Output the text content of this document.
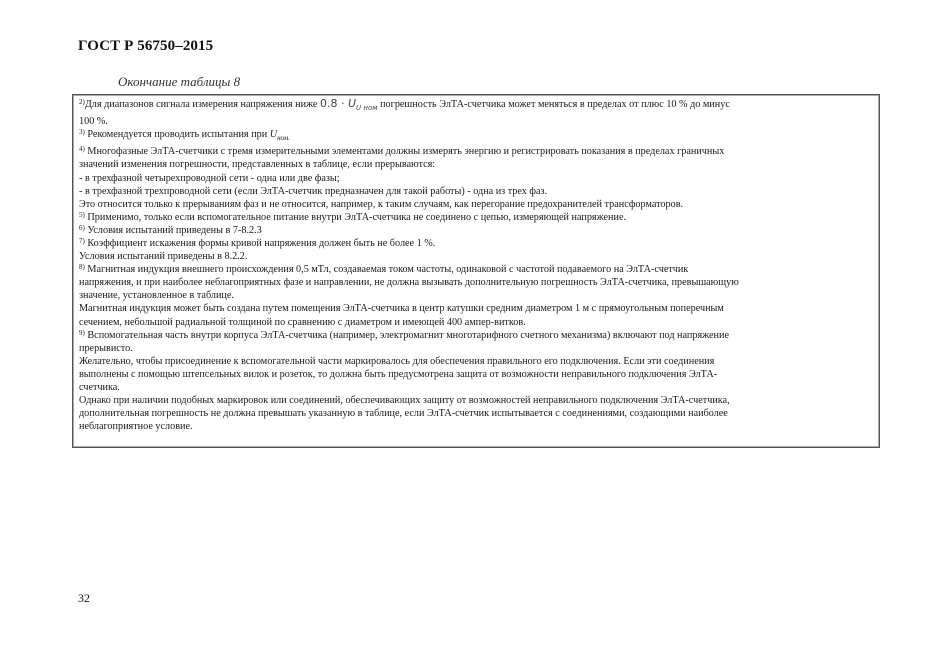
ГОСТ Р 56750–2015
Окончание таблицы 8
$^{2)}$Для диапазонов сигнала измерения напряжения ниже $0.8 \cdot U_{U ном}$ погрешность ЭлТА-счетчика может меняться в пределах от плюс 10 % до минус
100 %.
$^{3)}$ Рекомендуется проводить испытания при $U_{ном.}$
$^{4)}$ Многофазные ЭлТА-счетчики с тремя измерительными элементами должны измерять энергию и регистрировать показания в пределах граничных
значений изменения погрешности, представленных в таблице, если прерываются:
- в трехфазной четырехпроводной сети - одна или две фазы;
- в трехфазной трехпроводной сети (если ЭлТА-счетчик предназначен для такой работы) - одна из трех фаз.
Это относится только к прерываниям фаз и не относится, например, к таким случаям, как перегорание предохранителей трансформаторов.
$^{5)}$ Применимо, только если вспомогательное питание внутри ЭлТА-счетчика не соединено с цепью, измеряющей напряжение.
$^{6)}$ Условия испытаний приведены в 7-8.2.3
$^{7)}$ Коэффициент искажения формы кривой напряжения должен быть не более 1 %.
Условия испытаний приведены в 8.2.2.
$^{8)}$ Магнитная индукция внешнего происхождения 0,5 мТл, создаваемая током частоты, одинаковой с частотой подаваемого на ЭлТА-счетчик
напряжения, и при наиболее неблагоприятных фазе и направлении, не должна вызывать дополнительную погрешность ЭлТА-счетчика, превышающую
значение, установленное в таблице.
Магнитная индукция может быть создана путем помещения ЭлТА-счетчика в центр катушки средним диаметром 1 м с прямоугольным поперечным
сечением, небольшой радиальной толщиной по сравнению с диаметром и имеющей 400 ампер-витков.
$^{9)}$ Вспомогательная часть внутри корпуса ЭлТА-счетчика (например, электромагнит многотарифного счетного механизма) включают под напряжение
прерывисто.
Желательно, чтобы присоединение к вспомогательной части маркировалось для обеспечения правильного его подключения. Если эти соединения
выполнены с помощью штепсельных вилок и розеток, то должна быть предусмотрена защита от возможности неправильного подключения ЭлТА-
счетчика.
Однако при наличии подобных маркировок или соединений, обеспечивающих защиту от возможностей неправильного подключения ЭлТА-счетчика,
дополнительная погрешность не должна превышать указанную в таблице, если ЭлТА-счетчик испытывается с соединениями, создающими наиболее
неблагоприятное условие.
32
